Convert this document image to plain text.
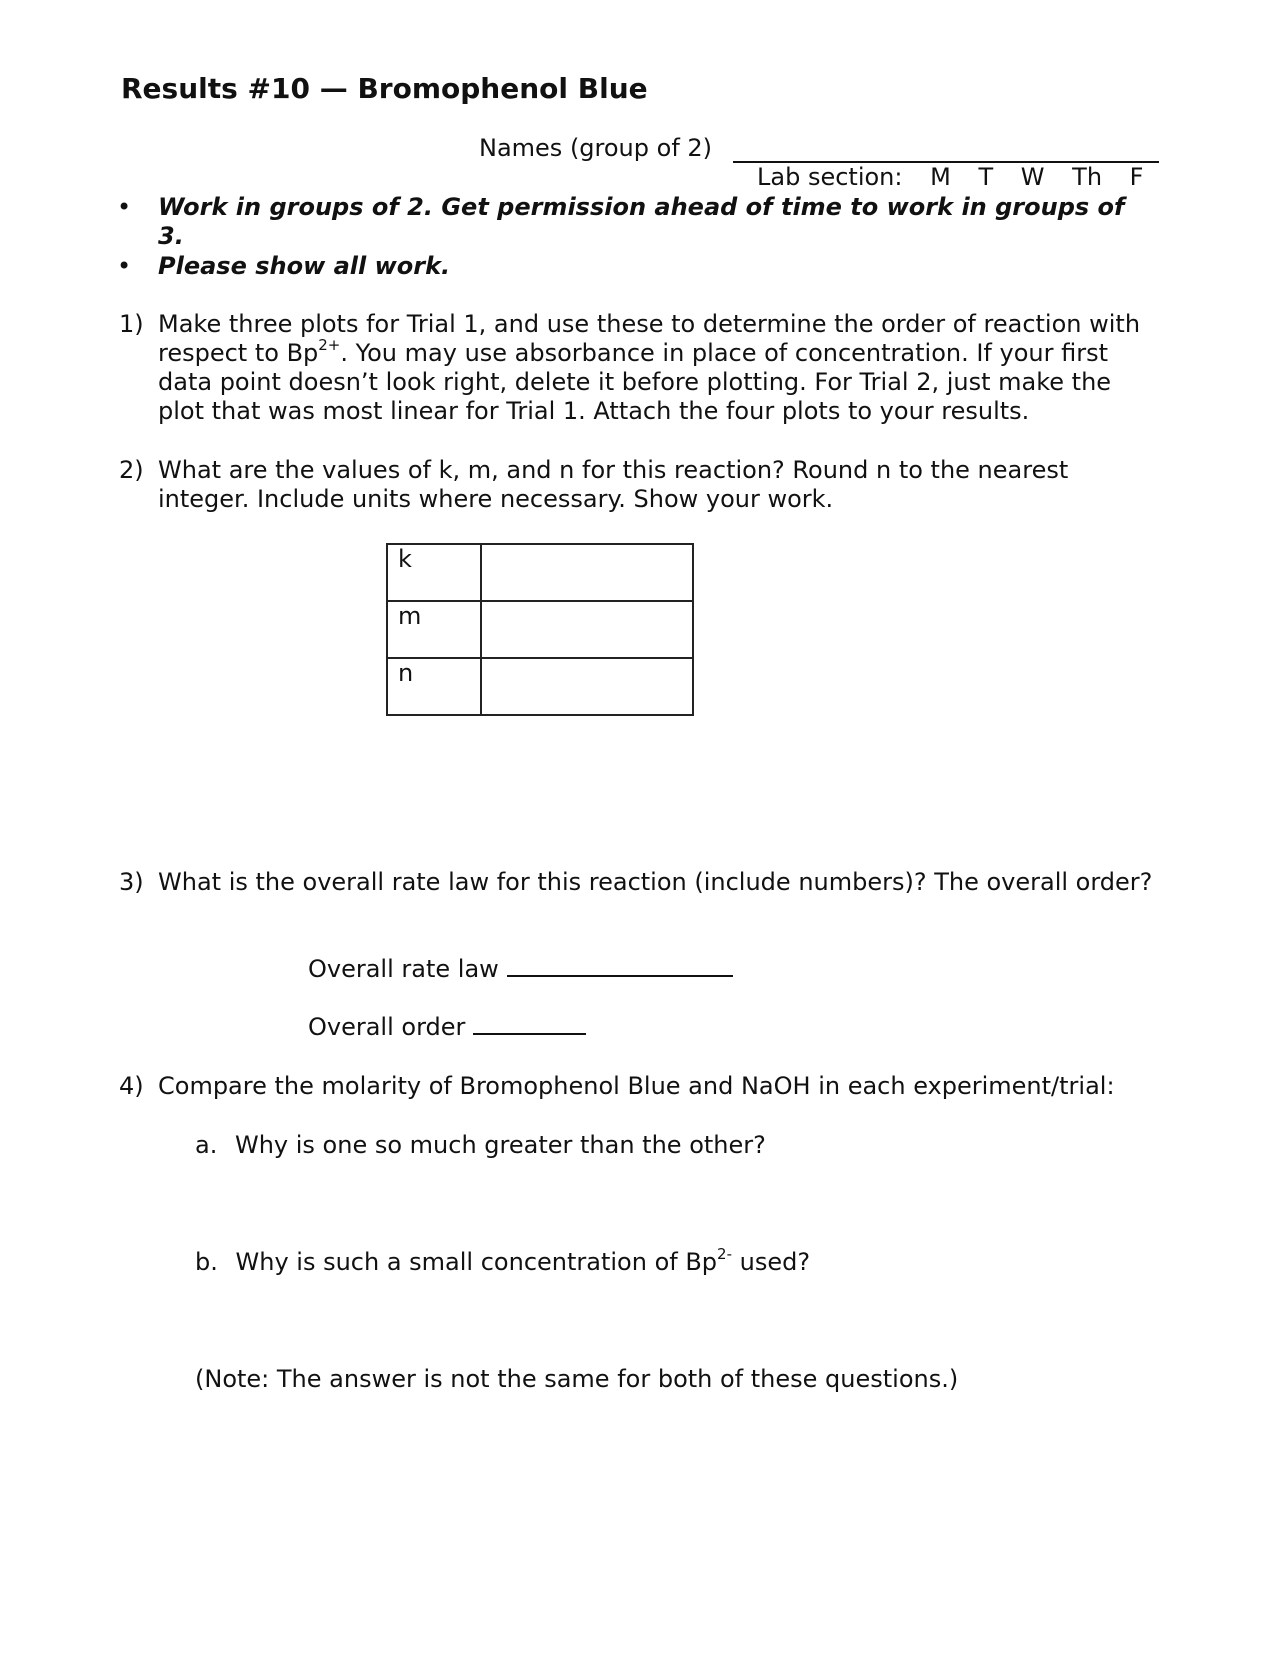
Results #10 — Bromophenol Blue
Names (group of 2)
Lab section: M T W Th F
• Work in groups of 2. Get permission ahead of time to work in groups of 3.
• Please show all work.
1) Make three plots for Trial 1, and use these to determine the order of reaction with respect to $Bp^{2+}$. You may use absorbance in place of concentration. If your first data point doesn’t look right, delete it before plotting. For Trial 2, just make the plot that was most linear for Trial 1. Attach the four plots to your results.
2) What are the values of k, m, and n for this reaction? Round n to the nearest integer. Include units where necessary. Show your work.
k	
m	
n	
3) What is the overall rate law for this reaction (include numbers)? The overall order?
Overall rate law
Overall order
4) Compare the molarity of Bromophenol Blue and NaOH in each experiment/trial:
a. Why is one so much greater than the other?
b. Why is such a small concentration of $Bp^{2-}$ used?
(Note: The answer is not the same for both of these questions.)
